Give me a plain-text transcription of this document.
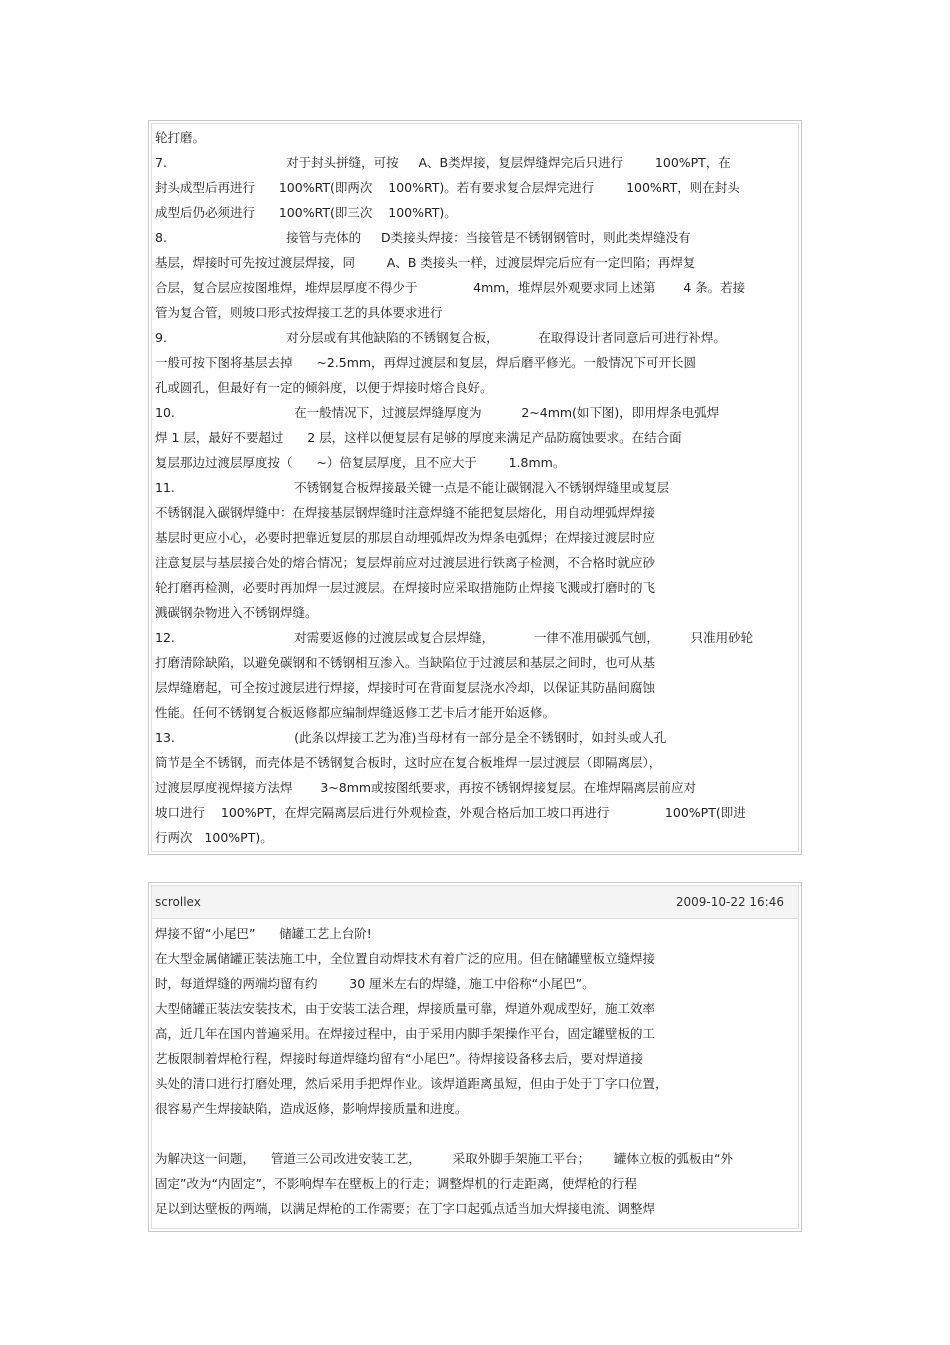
轮打磨。
7.                              对于封头拼缝，可按     A、B类焊接，复层焊缝焊完后只进行        100%PT，在
封头成型后再进行      100%RT(即两次    100%RT)。若有要求复合层焊完进行        100%RT，则在封头
成型后仍必须进行      100%RT(即三次    100%RT)。
8.                              接管与壳体的     D类接头焊接：当接管是不锈钢钢管时，则此类焊缝没有
基层，焊接时可先按过渡层焊接，同        A、B 类接头一样，过渡层焊完后应有一定凹陷；再焊复
合层，复合层应按图堆焊，堆焊层厚度不得少于              4mm，堆焊层外观要求同上述第       4 条。若接
管为复合管，则坡口形式按焊接工艺的具体要求进行
9.                              对分层或有其他缺陷的不锈钢复合板，          在取得设计者同意后可进行补焊。
一般可按下图将基层去掉      ~2.5mm，再焊过渡层和复层，焊后磨平修光。一般情况下可开长圆
孔或圆孔，但最好有一定的倾斜度，以便于焊接时熔合良好。
10.                              在一般情况下，过渡层焊缝厚度为          2~4mm(如下图)，即用焊条电弧焊
焊 1 层，最好不要超过      2 层，这样以便复层有足够的厚度来满足产品防腐蚀要求。在结合面
复层那边过渡层厚度按（      ~）倍复层厚度，且不应大于        1.8mm。
11.                              不锈钢复合板焊接最关键一点是不能让碳钢混入不锈钢焊缝里或复层
不锈钢混入碳钢焊缝中：在焊接基层钢焊缝时注意焊缝不能把复层熔化，用自动埋弧焊焊接
基层时更应小心，必要时把靠近复层的那层自动埋弧焊改为焊条电弧焊；在焊接过渡层时应
注意复层与基层接合处的熔合情况；复层焊前应对过渡层进行铁离子检测，不合格时就应砂
轮打磨再检测，必要时再加焊一层过渡层。在焊接时应采取措施防止焊接飞溅或打磨时的飞
溅碳钢杂物进入不锈钢焊缝。
12.                              对需要返修的过渡层或复合层焊缝，          一律不准用碳弧气刨，        只准用砂轮
打磨清除缺陷，以避免碳钢和不锈钢相互渗入。当缺陷位于过渡层和基层之间时，也可从基
层焊缝磨起，可全按过渡层进行焊接，焊接时可在背面复层浇水冷却，以保证其防晶间腐蚀
性能。任何不锈钢复合板返修都应编制焊缝返修工艺卡后才能开始返修。
13.                              (此条以焊接工艺为准)当母材有一部分是全不锈钢时，如封头或人孔
筒节是全不锈钢，而壳体是不锈钢复合板时，这时应在复合板堆焊一层过渡层（即隔离层），
过渡层厚度视焊接方法焊       3~8mm或按图纸要求，再按不锈钢焊接复层。在堆焊隔离层前应对
坡口进行    100%PT，在焊完隔离层后进行外观检查，外观合格后加工坡口再进行              100%PT(即进
行两次   100%PT)。
scrollex	2009-10-22 16:46
焊接不留“小尾巴”      储罐工艺上台阶!
在大型金属储罐正装法施工中，全位置自动焊技术有着广泛的应用。但在储罐壁板立缝焊接
时，每道焊缝的两端均留有约        30 厘米左右的焊缝，施工中俗称“小尾巴”。
大型储罐正装法安装技术，由于安装工法合理，焊接质量可靠，焊道外观成型好，施工效率
高，近几年在国内普遍采用。在焊接过程中，由于采用内脚手架操作平台，固定罐壁板的工
艺板限制着焊枪行程，焊接时每道焊缝均留有“小尾巴”。待焊接设备移去后，要对焊道接
头处的清口进行打磨处理，然后采用手把焊作业。该焊道距离虽短，但由于处于丁字口位置，
很容易产生焊接缺陷，造成返修，影响焊接质量和进度。
为解决这一问题，    管道三公司改进安装工艺，        采取外脚手架施工平台；      罐体立板的弧板由“外
固定”改为“内固定”，不影响焊车在壁板上的行走；调整焊机的行走距离，使焊枪的行程
足以到达壁板的两端，以满足焊枪的工作需要；在丁字口起弧点适当加大焊接电流、调整焊
